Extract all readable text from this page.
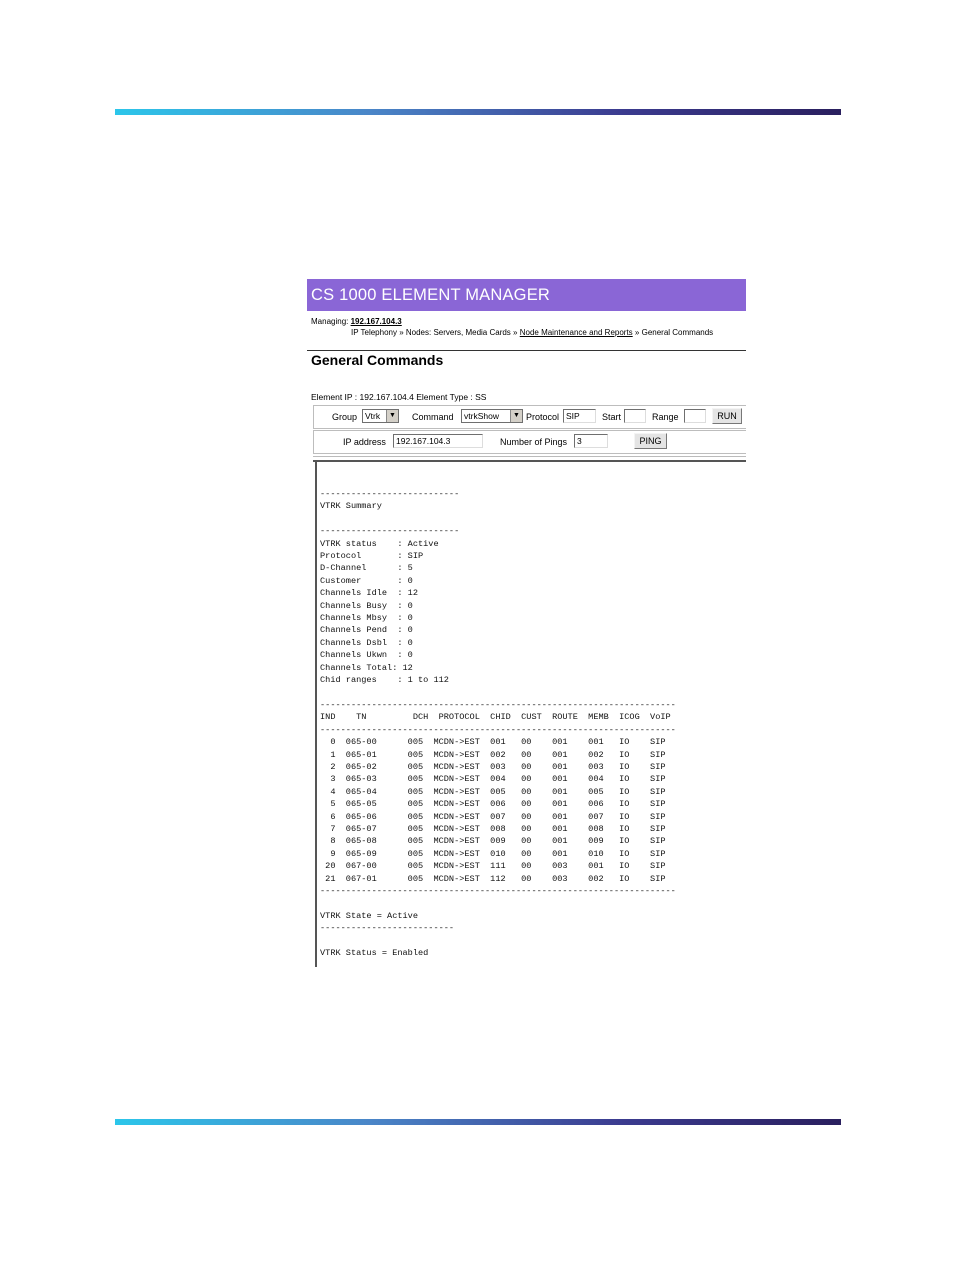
CS 1000 ELEMENT MANAGER
Managing: 192.167.104.3
IP Telephony » Nodes: Servers, Media Cards » Node Maintenance and Reports » General Commands
General Commands
Element IP : 192.167.104.4 Element Type : SS
Group Vtrk	▼ Command	vtrkShow	▼ Protocol SIP	Start	Range	RUN
IP address	192.167.104.3	Number of Pings	3	PING
---------------------------
VTRK Summary

---------------------------
VTRK status    : Active
Protocol       : SIP
D-Channel      : 5
Customer       : 0
Channels Idle  : 12
Channels Busy  : 0
Channels Mbsy  : 0
Channels Pend  : 0
Channels Dsbl  : 0
Channels Ukwn  : 0
Channels Total: 12
Chid ranges    : 1 to 112

---------------------------------------------------------------------
IND    TN         DCH  PROTOCOL  CHID  CUST  ROUTE  MEMB  ICOG  VoIP
---------------------------------------------------------------------
0  065-00      005  MCDN->EST  001   00    001    001   IO    SIP
1  065-01      005  MCDN->EST  002   00    001    002   IO    SIP
2  065-02      005  MCDN->EST  003   00    001    003   IO    SIP
3  065-03      005  MCDN->EST  004   00    001    004   IO    SIP
4  065-04      005  MCDN->EST  005   00    001    005   IO    SIP
5  065-05      005  MCDN->EST  006   00    001    006   IO    SIP
6  065-06      005  MCDN->EST  007   00    001    007   IO    SIP
7  065-07      005  MCDN->EST  008   00    001    008   IO    SIP
8  065-08      005  MCDN->EST  009   00    001    009   IO    SIP
9  065-09      005  MCDN->EST  010   00    001    010   IO    SIP
20  067-00      005  MCDN->EST  111   00    003    001   IO    SIP
21  067-01      005  MCDN->EST  112   00    003    002   IO    SIP
---------------------------------------------------------------------

VTRK State = Active
--------------------------

VTRK Status = Enabled
